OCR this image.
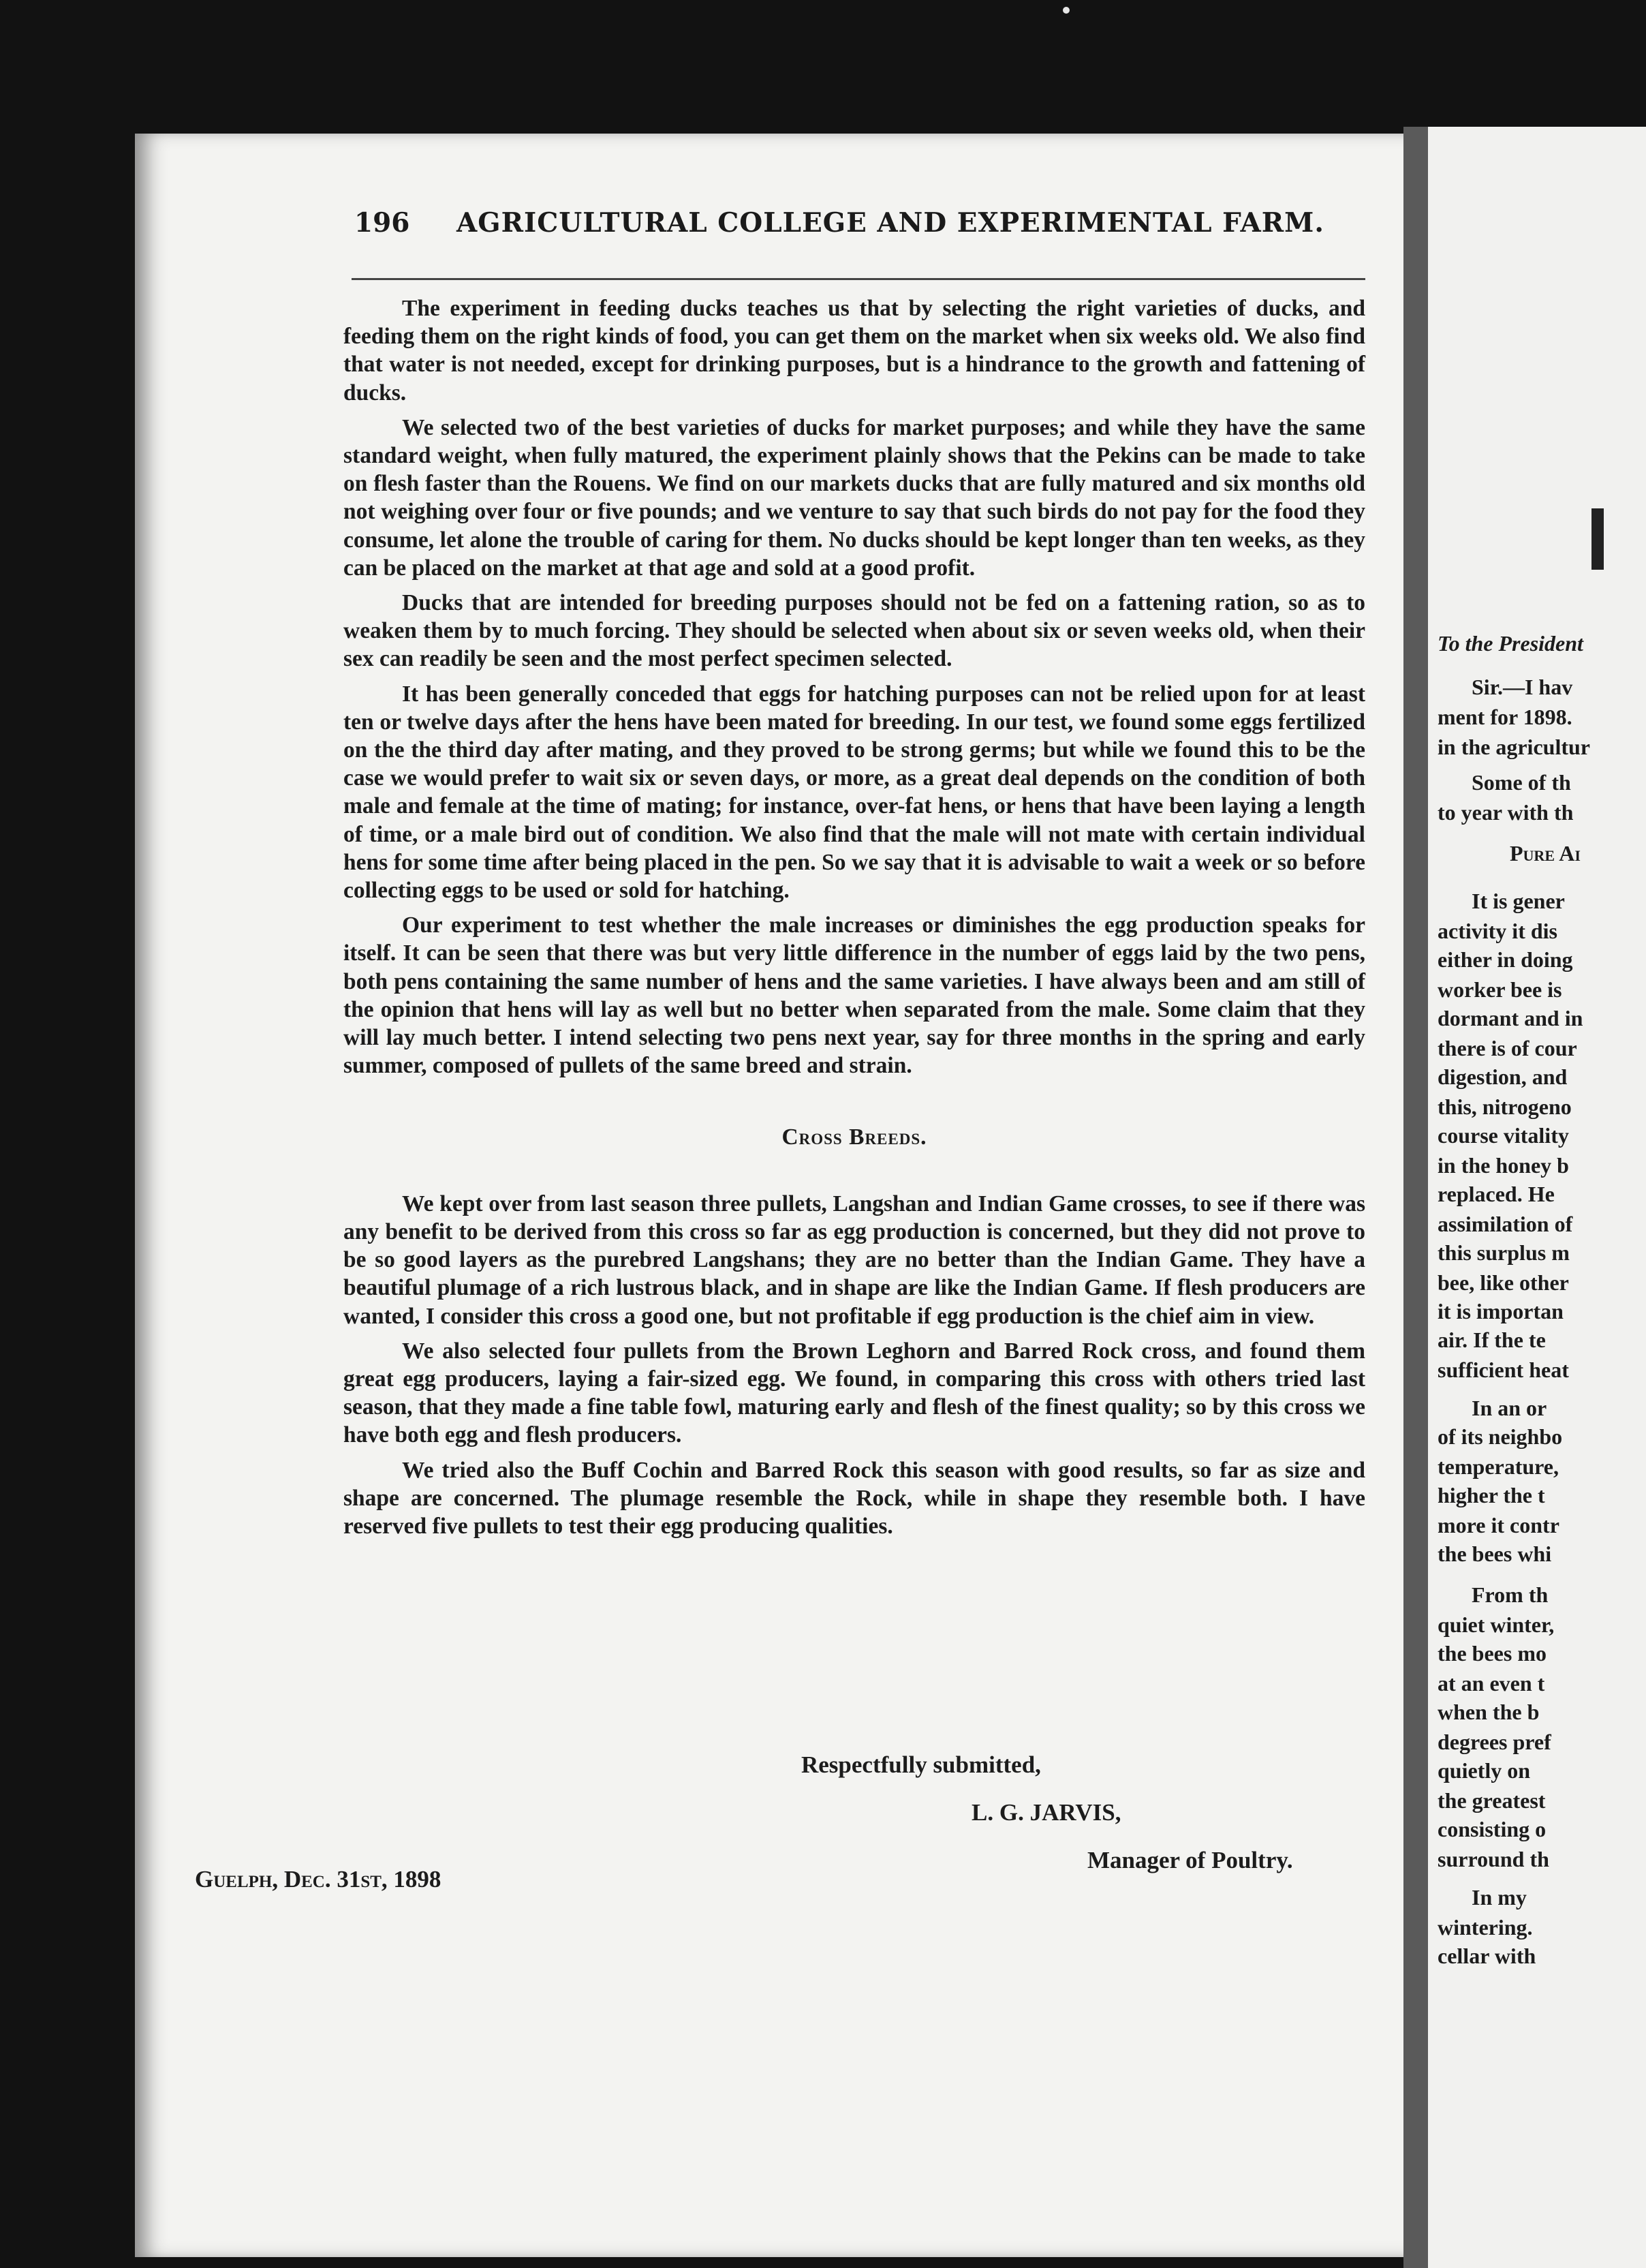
196	AGRICULTURAL COLLEGE AND EXPERIMENTAL FARM.

The experiment in feeding ducks teaches us that by selecting the right varieties of ducks, and feeding them on the right kinds of food, you can get them on the market when six weeks old. We also find that water is not needed, except for drinking purposes, but is a hindrance to the growth and fattening of ducks.

We selected two of the best varieties of ducks for market purposes; and while they have the same standard weight, when fully matured, the experiment plainly shows that the Pekins can be made to take on flesh faster than the Rouens. We find on our markets ducks that are fully matured and six months old not weighing over four or five pounds; and we venture to say that such birds do not pay for the food they consume, let alone the trouble of caring for them. No ducks should be kept longer than ten weeks, as they can be placed on the market at that age and sold at a good profit.

Ducks that are intended for breeding purposes should not be fed on a fattening ration, so as to weaken them by to much forcing. They should be selected when about six or seven weeks old, when their sex can readily be seen and the most perfect specimen selected.

It has been generally conceded that eggs for hatching purposes can not be relied upon for at least ten or twelve days after the hens have been mated for breeding. In our test, we found some eggs fertilized on the the third day after mating, and they proved to be strong germs; but while we found this to be the case we would prefer to wait six or seven days, or more, as a great deal depends on the condition of both male and female at the time of mating; for instance, over-fat hens, or hens that have been laying a length of time, or a male bird out of condition. We also find that the male will not mate with certain individual hens for some time after being placed in the pen. So we say that it is advisable to wait a week or so before collecting eggs to be used or sold for hatching.

Our experiment to test whether the male increases or diminishes the egg production speaks for itself. It can be seen that there was but very little difference in the number of eggs laid by the two pens, both pens containing the same number of hens and the same varieties. I have always been and am still of the opinion that hens will lay as well but no better when separated from the male. Some claim that they will lay much better. I intend selecting two pens next year, say for three months in the spring and early summer, composed of pullets of the same breed and strain.

Cross Breeds.

We kept over from last season three pullets, Langshan and Indian Game crosses, to see if there was any benefit to be derived from this cross so far as egg production is concerned, but they did not prove to be so good layers as the purebred Langshans; they are no better than the Indian Game. They have a beautiful plumage of a rich lustrous black, and in shape are like the Indian Game. If flesh producers are wanted, I consider this cross a good one, but not profitable if egg production is the chief aim in view.

We also selected four pullets from the Brown Leghorn and Barred Rock cross, and found them great egg producers, laying a fair-sized egg. We found, in comparing this cross with others tried last season, that they made a fine table fowl, maturing early and flesh of the finest quality; so by this cross we have both egg and flesh producers.

We tried also the Buff Cochin and Barred Rock this season with good results, so far as size and shape are concerned. The plumage resemble the Rock, while in shape they resemble both. I have reserved five pullets to test their egg producing qualities.

Respectfully submitted,
L. G. JARVIS,
Manager of Poultry.
Guelph, Dec. 31st, 1898
To the President
Sir.—I hav
ment for 1898.
in the agricultur
Some of th
to year with th
Pure Ai
It is gener
activity it dis
either in doing
worker bee is
dormant and in
there is of cour
digestion, and
this, nitrogeno
course vitality
in the honey b
replaced. He
assimilation of
this surplus m
bee, like other
it is importan
air. If the te
sufficient heat
In an or
of its neighbo
temperature,
higher the t
more it contr
the bees whi
From th
quiet winter,
the bees mo
at an even t
when the b
degrees pref
quietly on
the greatest
consisting o
surround th
In my
wintering.
cellar with
